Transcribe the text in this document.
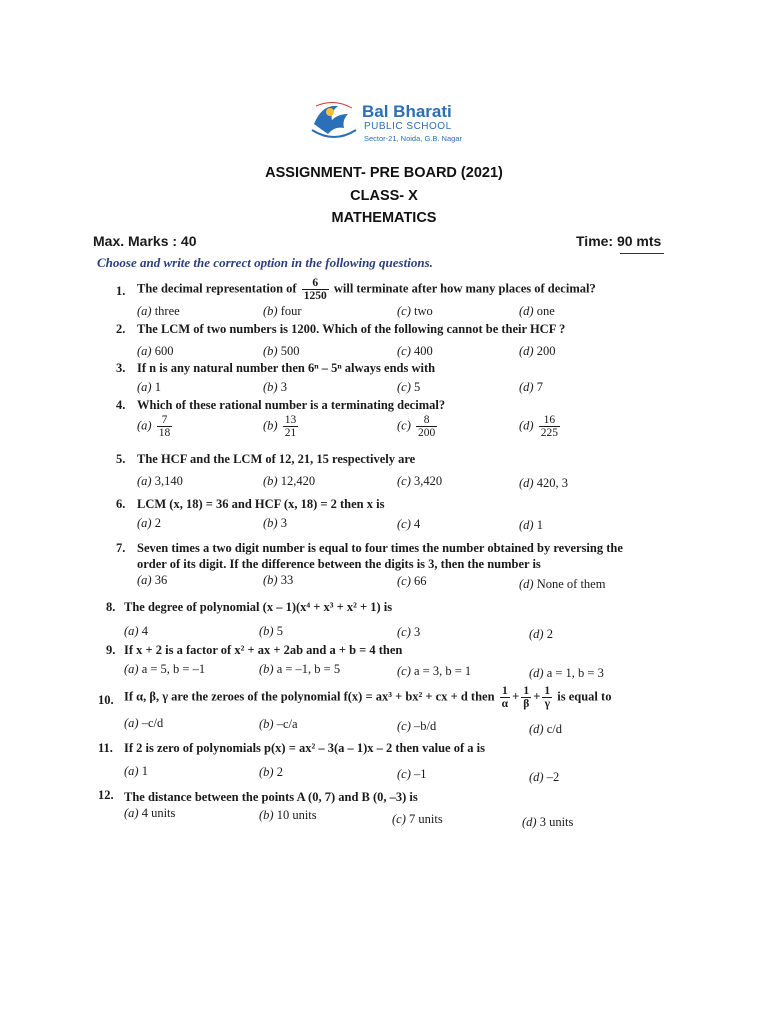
Bal Bharati
PUBLIC SCHOOL
Sector-21, Noida, G.B. Nagar
ASSIGNMENT- PRE BOARD (2021)
CLASS- X
MATHEMATICS
Max. Marks : 40	Time: 90 mts
Choose and write the correct option in the following questions.
1. The decimal representation of $\frac{6}{1250}$ will terminate after how many places of decimal?
(a) three	(b) four	(c) two	(d) one
2. The LCM of two numbers is 1200. Which of the following cannot be their HCF ?
(a) 600	(b) 500	(c) 400	(d) 200
3. If n is any natural number then 6ⁿ – 5ⁿ always ends with
(a) 1	(b) 3	(c) 5	(d) 7
4. Which of these rational number is a terminating decimal?
$(a) \frac{7}{18}$	$(b) \frac{13}{21}$	$(c) \frac{8}{200}$	$(d) \frac{16}{225}$
5. The HCF and the LCM of 12, 21, 15 respectively are
(a) 3,140	(b) 12,420	(c) 3,420	(d) 420, 3
6. LCM (x, 18) = 36 and HCF (x, 18) = 2 then x is
(a) 2	(b) 3	(c) 4	(d) 1
7. Seven times a two digit number is equal to four times the number obtained by reversing the
order of its digit. If the difference between the digits is 3, then the number is
(a) 36	(b) 33	(c) 66	(d) None of them
8. The degree of polynomial (x – 1)(x⁴ + x³ + x² + 1) is
(a) 4	(b) 5	(c) 3	(d) 2
9. If x + 2 is a factor of x² + ax + 2ab and a + b = 4 then
(a) a = 5, b = –1	(b) a = –1, b = 5	(c) a = 3, b = 1	(d) a = 1, b = 3
10. If α, β, γ are the zeroes of the polynomial f(x) = ax³ + bx² + cx + d then $\frac{1}{\alpha} + \frac{1}{\beta} + \frac{1}{\gamma}$ is equal to
(a) –c/d	(b) –c/a	(c) –b/d	(d) c/d
11. If 2 is zero of polynomials p(x) = ax² – 3(a – 1)x – 2 then value of a is
(a) 1	(b) 2	(c) –1	(d) –2
12. The distance between the points A (0, 7) and B (0, –3) is
(a) 4 units	(b) 10 units	(c) 7 units	(d) 3 units
